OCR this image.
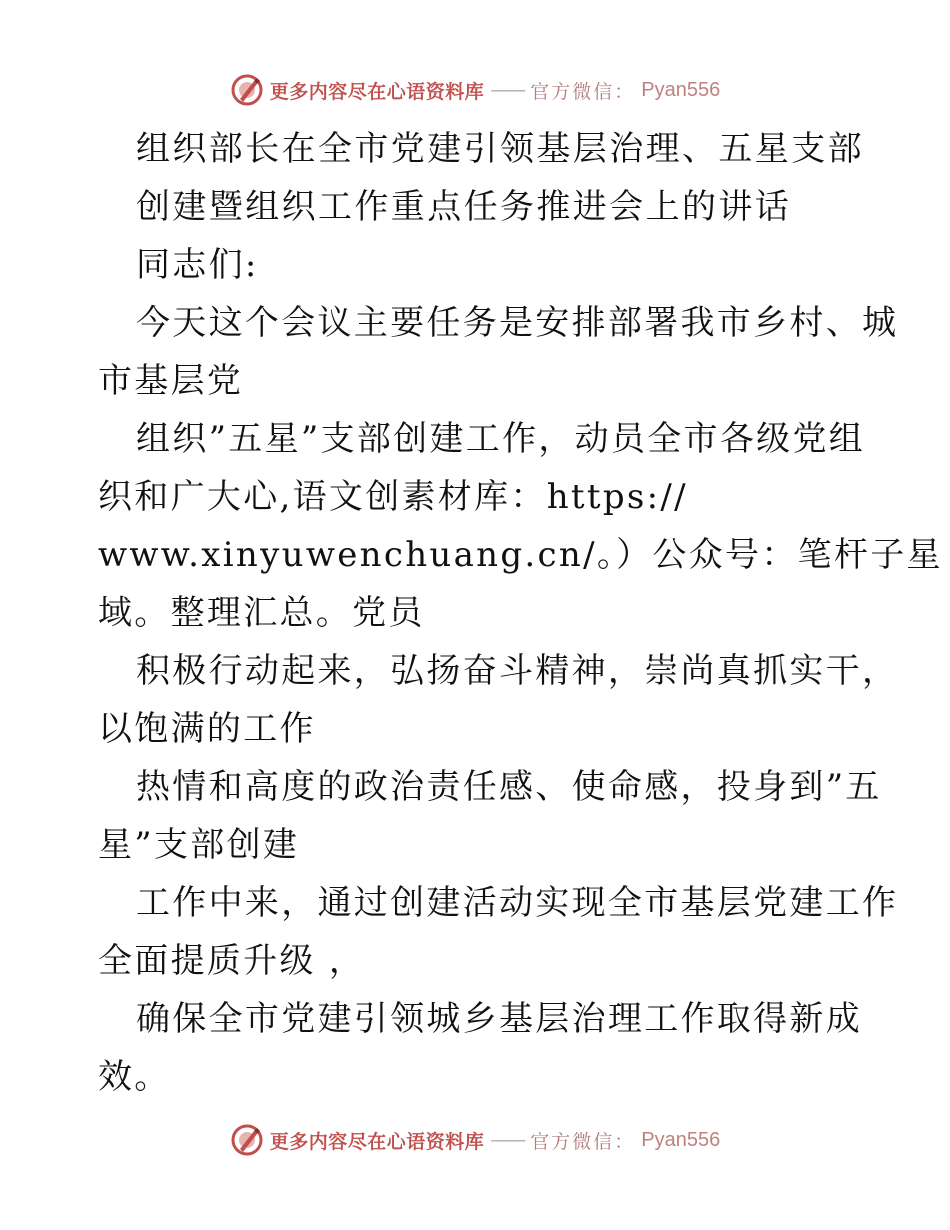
更多内容尽在心语资料库 —— 官方微信： Pyan556
组织部长在全市党建引领基层治理、五星支部
创建暨组织工作重点任务推进会上的讲话
同志们:
今天这个会议主要任务是安排部署我市乡村、城
市基层党
组织”五星”支部创建工作，动员全市各级党组
织和广大心,语文创素材库：https://
www.xinyuwenchuang.cn/。）公众号：笔杆子星
域。整理汇总。党员
积极行动起来，弘扬奋斗精神，崇尚真抓实干，
以饱满的工作
热情和高度的政治责任感、使命感，投身到”五
星”支部创建
工作中来，通过创建活动实现全市基层党建工作
全面提质升级 ，
确保全市党建引领城乡基层治理工作取得新成
效。
更多内容尽在心语资料库 —— 官方微信： Pyan556
